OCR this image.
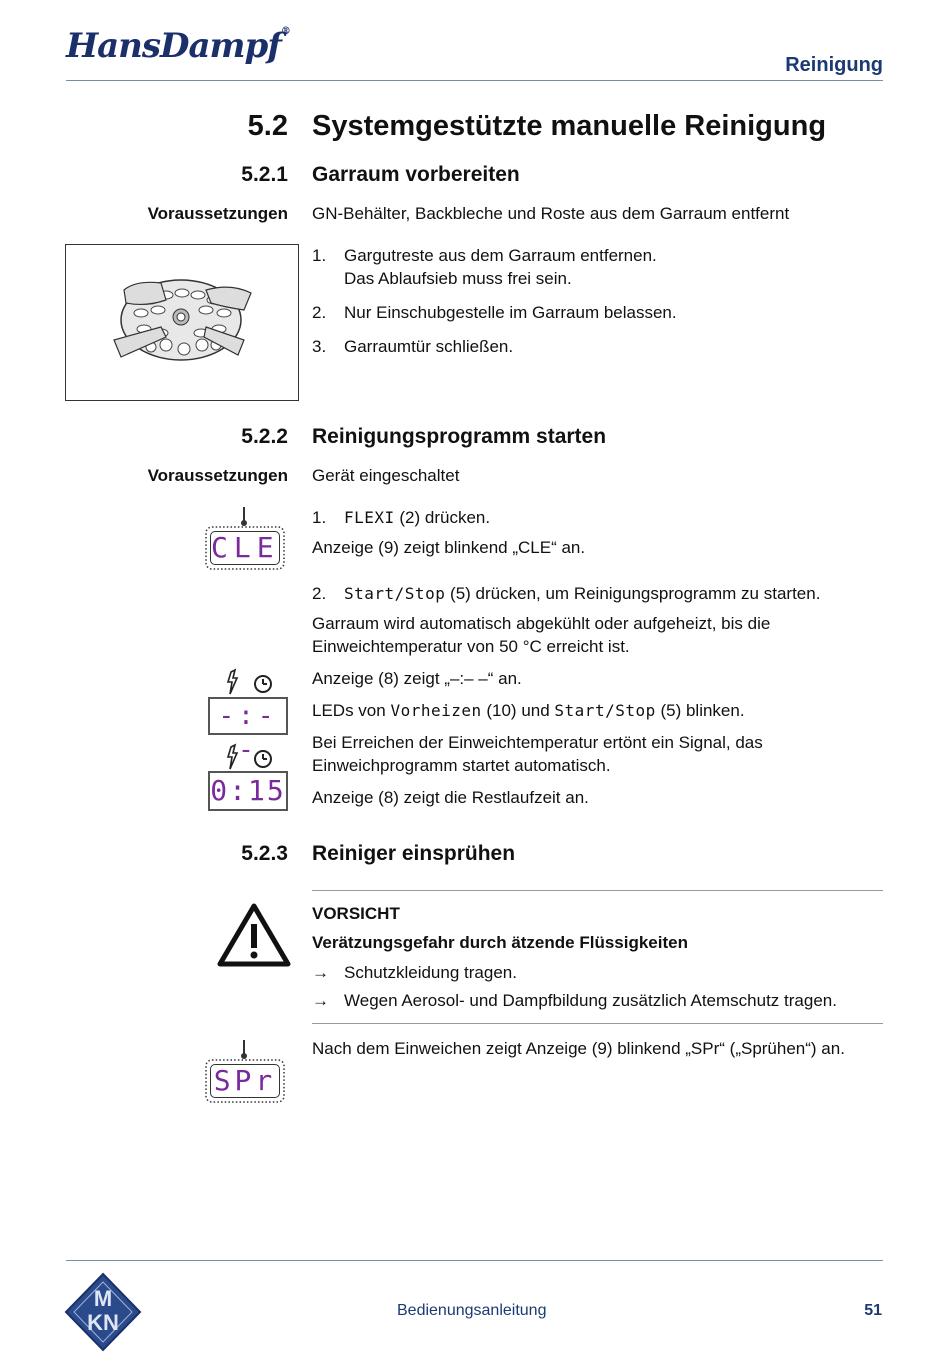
HansDampf®
Reinigung
5.2 Systemgestützte manuelle Reinigung
5.2.1 Garraum vorbereiten
Voraussetzungen GN-Behälter, Backbleche und Roste aus dem Garraum entfernt
1. Gargutreste aus dem Garraum entfernen.
Das Ablaufsieb muss frei sein.
2. Nur Einschubgestelle im Garraum belassen.
3. Garraumtür schließen.
5.2.2 Reinigungsprogramm starten
Voraussetzungen Gerät eingeschaltet
CLE
1. FLEXI (2) drücken.
Anzeige (9) zeigt blinkend „CLE“ an.
2. Start/Stop (5) drücken, um Reinigungsprogramm zu starten.
Garraum wird automatisch abgekühlt oder aufgeheizt, bis die
Einweichtemperatur von 50 °C erreicht ist.
Anzeige (8) zeigt „–:– –“ an.
LEDs von Vorheizen (10) und Start/Stop (5) blinken.
Bei Erreichen der Einweichtemperatur ertönt ein Signal, das
Einweichprogramm startet automatisch.
Anzeige (8) zeigt die Restlaufzeit an.
-:--
0:15
5.2.3 Reiniger einsprühen
VORSICHT
Verätzungsgefahr durch ätzende Flüssigkeiten
→ Schutzkleidung tragen.
→ Wegen Aerosol- und Dampfbildung zusätzlich Atemschutz tragen.
Nach dem Einweichen zeigt Anzeige (9) blinkend „SPr“ („Sprühen“) an.
SPr
M
KN	Bedienungsanleitung	51
